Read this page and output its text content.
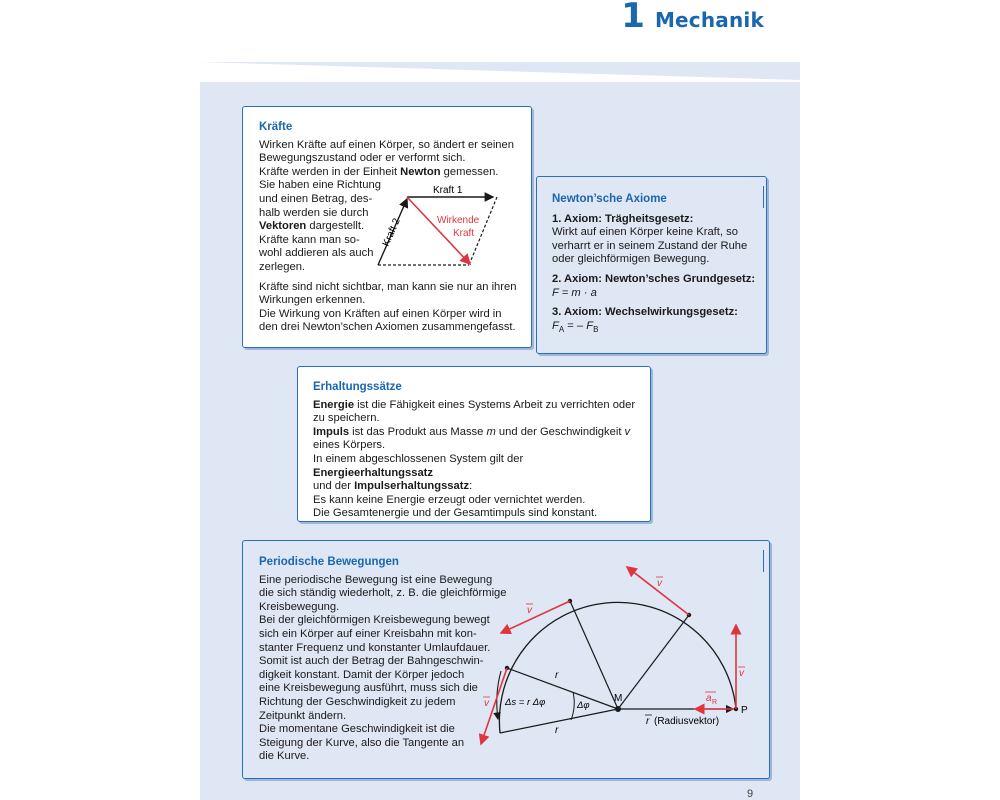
1 Mechanik
Kräfte
Wirken Kräfte auf einen Körper, so ändert er seinen
Bewegungszustand oder er verformt sich.
Kräfte werden in der Einheit Newton gemessen.
Sie haben eine Richtung
und einen Betrag, des-
halb werden sie durch
Vektoren dargestellt.
Kräfte kann man so-
wohl addieren als auch
zerlegen.
Kräfte sind nicht sichtbar, man kann sie nur an ihren
Wirkungen erkennen.
Die Wirkung von Kräften auf einen Körper wird in
den drei Newton’schen Axiomen zusammengefasst.
Kraft 1
Kraft 2	Wirkende
Kraft
Newton’sche Axiome
1. Axiom: Trägheitsgesetz:
Wirkt auf einen Körper keine Kraft, so
verharrt er in seinem Zustand der Ruhe
oder gleichförmigen Bewegung.
2. Axiom: Newton’sches Grundgesetz:
F = m · a
3. Axiom: Wechselwirkungsgesetz:
$F_A$ = – $F_B$
Erhaltungssätze
Energie ist die Fähigkeit eines Systems Arbeit zu verrichten oder
zu speichern.
Impuls ist das Produkt aus Masse m und der Geschwindigkeit v
eines Körpers.
In einem abgeschlossenen System gilt der Energieerhaltungssatz
und der Impulserhaltungssatz:
Es kann keine Energie erzeugt oder vernichtet werden.
Die Gesamtenergie und der Gesamtimpuls sind konstant.
Periodische Bewegungen
Eine periodische Bewegung ist eine Bewegung
die sich ständig wiederholt, z. B. die gleichförmige
Kreisbewegung.
Bei der gleichförmigen Kreisbewegung bewegt
sich ein Körper auf einer Kreisbahn mit kon-
stanter Frequenz und konstanter Umlaufdauer.
Somit ist auch der Betrag der Bahngeschwin-
digkeit konstant. Damit der Körper jedoch
eine Kreisbewegung ausführt, muss sich die
Richtung der Geschwindigkeit zu jedem
Zeitpunkt ändern.
Die momentane Geschwindigkeit ist die
Steigung der Kurve, also die Tangente an
die Kurve.
v
v
v
v
a R
r
r
M
P
Δs = r Δφ	Δφ
r (Radiusvektor)
9
